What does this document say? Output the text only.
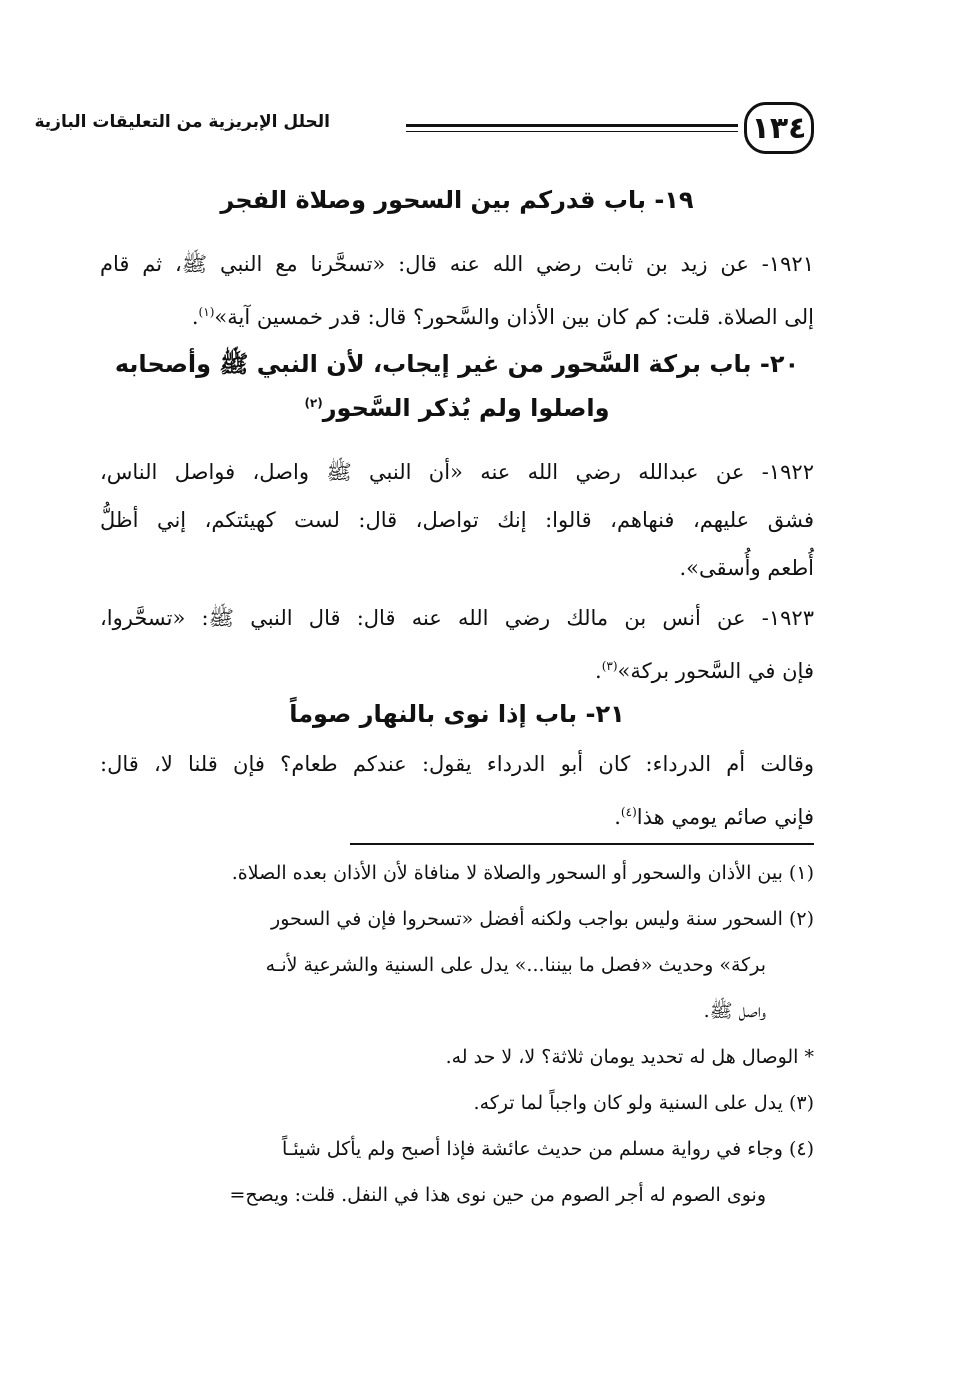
١٣٤
الحلل الإبريزية من التعليقات البازية
١٩- باب قدركم بين السحور وصلاة الفجر
١٩٢١- عن زيد بن ثابت رضي الله عنه قال: «تسحَّرنا مع النبي ﷺ، ثم قام
إلى الصلاة. قلت: كم كان بين الأذان والسَّحور؟ قال: قدر خمسين آية»$^{(١)}$.
٢٠- باب بركة السَّحور من غير إيجاب، لأن النبي ﷺ وأصحابه
واصلوا ولم يُذكر السَّحور$^{(٢)}$
١٩٢٢- عن عبدالله رضي الله عنه «أن النبي ﷺ واصل، فواصل الناس،
فشق عليهم، فنهاهم، قالوا: إنك تواصل، قال: لست كهيئتكم، إني أظلُّ
أُطعم وأُسقى».
١٩٢٣- عن أنس بن مالك رضي الله عنه قال: قال النبي ﷺ: «تسحَّروا،
فإن في السَّحور بركة»$^{(٣)}$.
٢١- باب إذا نوى بالنهار صوماً
وقالت أم الدرداء: كان أبو الدرداء يقول: عندكم طعام؟ فإن قلنا لا، قال:
فإني صائم يومي هذا$^{(٤)}$.
(١) بين الأذان والسحور أو السحور والصلاة لا منافاة لأن الأذان بعده الصلاة.
(٢) السحور سنة وليس بواجب ولكنه أفضل «تسحروا فإن في السحور
بركة» وحديث «فصل ما بيننا...» يدل على السنية والشرعية لأنـه
واصل ﷺ.
* الوصال هل له تحديد يومان ثلاثة؟ لا، لا حد له.
(٣) يدل على السنية ولو كان واجباً لما تركه.
(٤) وجاء في رواية مسلم من حديث عائشة فإذا أصبح ولم يأكل شيئـاً
ونوى الصوم له أجر الصوم من حين نوى هذا في النفل. قلت: ويصح=
